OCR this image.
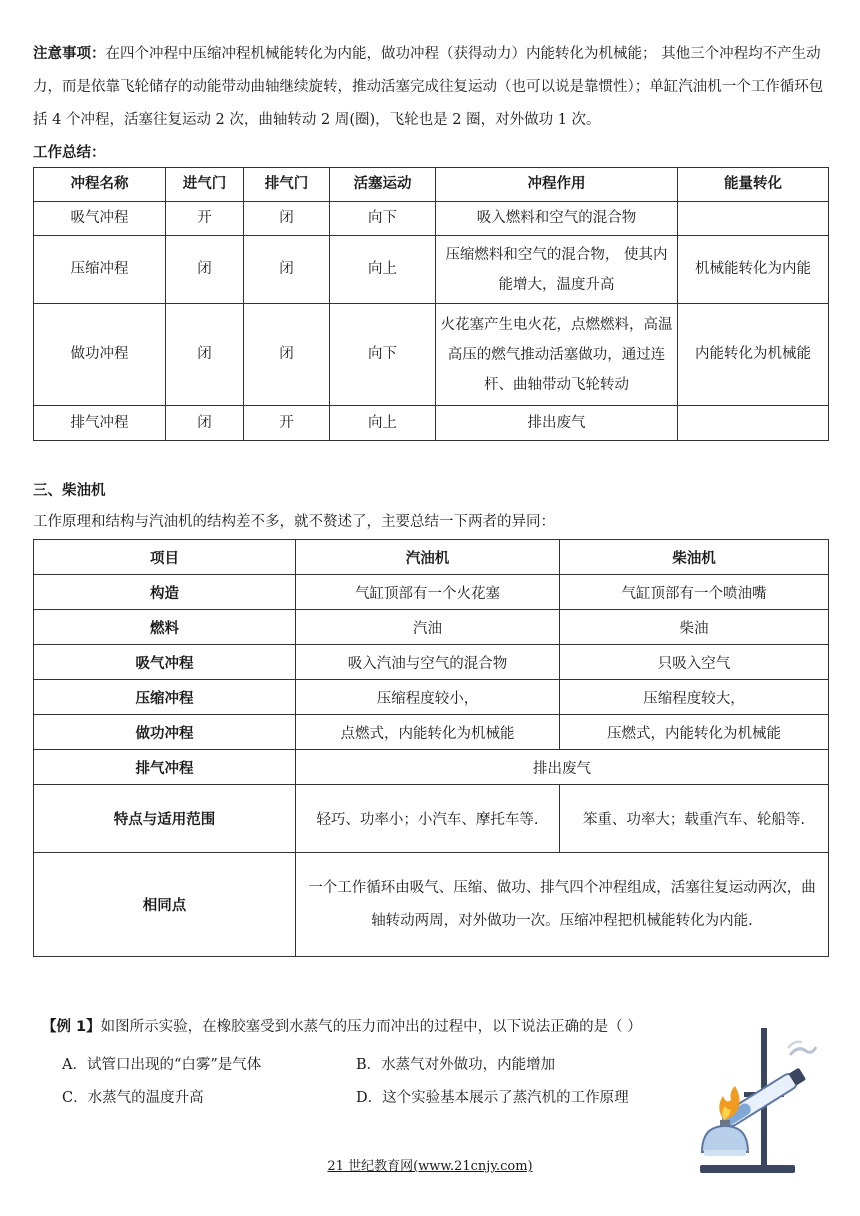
注意事项：在四个冲程中压缩冲程机械能转化为内能，做功冲程（获得动力）内能转化为机械能； 其他三个冲程均不产生动力，而是依靠飞轮储存的动能带动曲轴继续旋转，推动活塞完成往复运动（也可以说是靠惯性）；单缸汽油机一个工作循环包括 4 个冲程，活塞往复运动 2 次，曲轴转动 2 周(圈)，飞轮也是 2 圈，对外做功 1 次。

工作总结：

冲程名称	进气门	排气门	活塞运动	冲程作用	能量转化
吸气冲程	开	闭	向下	吸入燃料和空气的混合物	
压缩冲程	闭	闭	向上	压缩燃料和空气的混合物， 使其内能增大，温度升高	机械能转化为内能
做功冲程	闭	闭	向下	火花塞产生电火花，点燃燃料，高温高压的燃气推动活塞做功，通过连杆、曲轴带动飞轮转动	内能转化为机械能
排气冲程	闭	开	向上	排出废气	

三、柴油机

工作原理和结构与汽油机的结构差不多，就不赘述了，主要总结一下两者的异同：

项目	汽油机	柴油机
构造	气缸顶部有一个火花塞	气缸顶部有一个喷油嘴
燃料	汽油	柴油
吸气冲程	吸入汽油与空气的混合物	只吸入空气
压缩冲程	压缩程度较小，	压缩程度较大，
做功冲程	点燃式，内能转化为机械能	压燃式，内能转化为机械能
排气冲程	排出废气	
特点与适用范围	轻巧、功率小；小汽车、摩托车等.	笨重、功率大；载重汽车、轮船等.
相同点	一个工作循环由吸气、压缩、做功、排气四个冲程组成，活塞往复运动两次，曲轴转动两周，对外做功一次。压缩冲程把机械能转化为内能.	
【例 1】如图所示实验，在橡胶塞受到水蒸气的压力而冲出的过程中，以下说法正确的是（ ）
A．试管口出现的“白雾”是气体	B．水蒸气对外做功，内能增加
C．水蒸气的温度升高	D．这个实验基本展示了蒸汽机的工作原理
21 世纪教育网(www.21cnjy.com)
